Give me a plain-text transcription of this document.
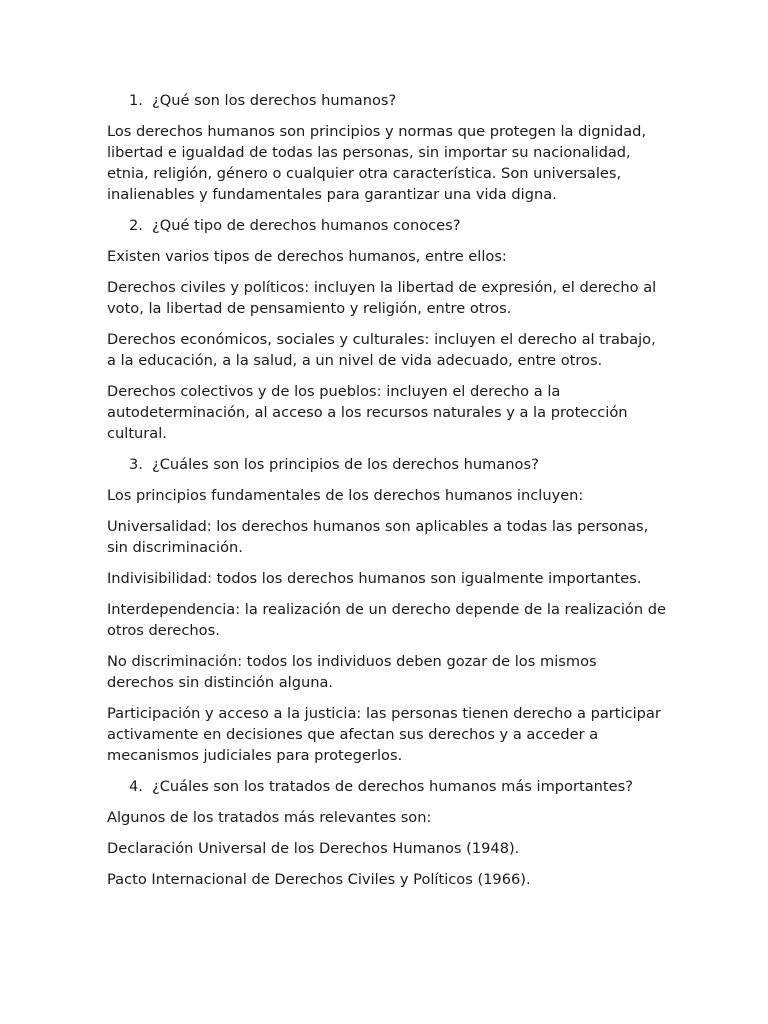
1. ¿Qué son los derechos humanos?

Los derechos humanos son principios y normas que protegen la dignidad, libertad e igualdad de todas las personas, sin importar su nacionalidad, etnia, religión, género o cualquier otra característica. Son universales, inalienables y fundamentales para garantizar una vida digna.

2. ¿Qué tipo de derechos humanos conoces?

Existen varios tipos de derechos humanos, entre ellos:

Derechos civiles y políticos: incluyen la libertad de expresión, el derecho al voto, la libertad de pensamiento y religión, entre otros.

Derechos económicos, sociales y culturales: incluyen el derecho al trabajo, a la educación, a la salud, a un nivel de vida adecuado, entre otros.

Derechos colectivos y de los pueblos: incluyen el derecho a la autodeterminación, al acceso a los recursos naturales y a la protección cultural.

3. ¿Cuáles son los principios de los derechos humanos?

Los principios fundamentales de los derechos humanos incluyen:

Universalidad: los derechos humanos son aplicables a todas las personas, sin discriminación.

Indivisibilidad: todos los derechos humanos son igualmente importantes.

Interdependencia: la realización de un derecho depende de la realización de otros derechos.

No discriminación: todos los individuos deben gozar de los mismos derechos sin distinción alguna.

Participación y acceso a la justicia: las personas tienen derecho a participar activamente en decisiones que afectan sus derechos y a acceder a mecanismos judiciales para protegerlos.

4. ¿Cuáles son los tratados de derechos humanos más importantes?

Algunos de los tratados más relevantes son:

Declaración Universal de los Derechos Humanos (1948).

Pacto Internacional de Derechos Civiles y Políticos (1966).
